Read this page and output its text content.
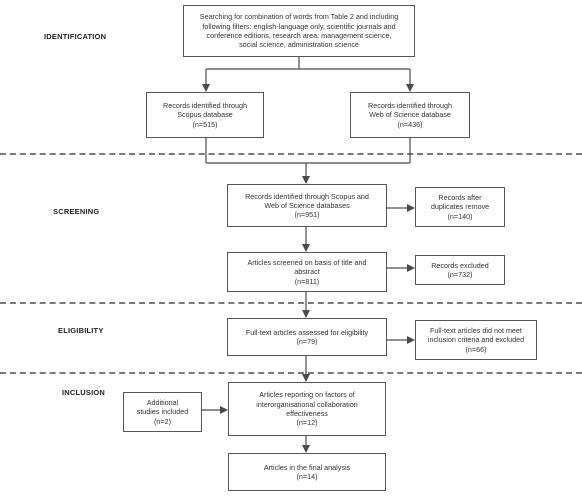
IDENTIFICATION
SCREENING
ELIGIBILITY
INCLUSION
Searching for combination of words from Table 2 and including
following filters: english-language only, scientific journals and
conference editions, research area: management science,
social science, administration science
Records identified through
Scopus database
(n=515)
Records identified through
Web of Science database
(n=436)
Records identified through Scopus and
Web of Science databases
(n=951)
Records after
duplicates remove
(n=140)
Articles screened on basis of title and
abstract
(n=811)
Records excluded
(n=732)
Full-text articles assessed for eligibility
(n=79)
Full-text articles did not meet
inclusion criteria and excluded
(n=66)
Additional
studies included
(n=2)
Articles reporting on factors of
interorganisational collaboration
effectiveness
(n=12)
Articles in the final analysis
(n=14)
